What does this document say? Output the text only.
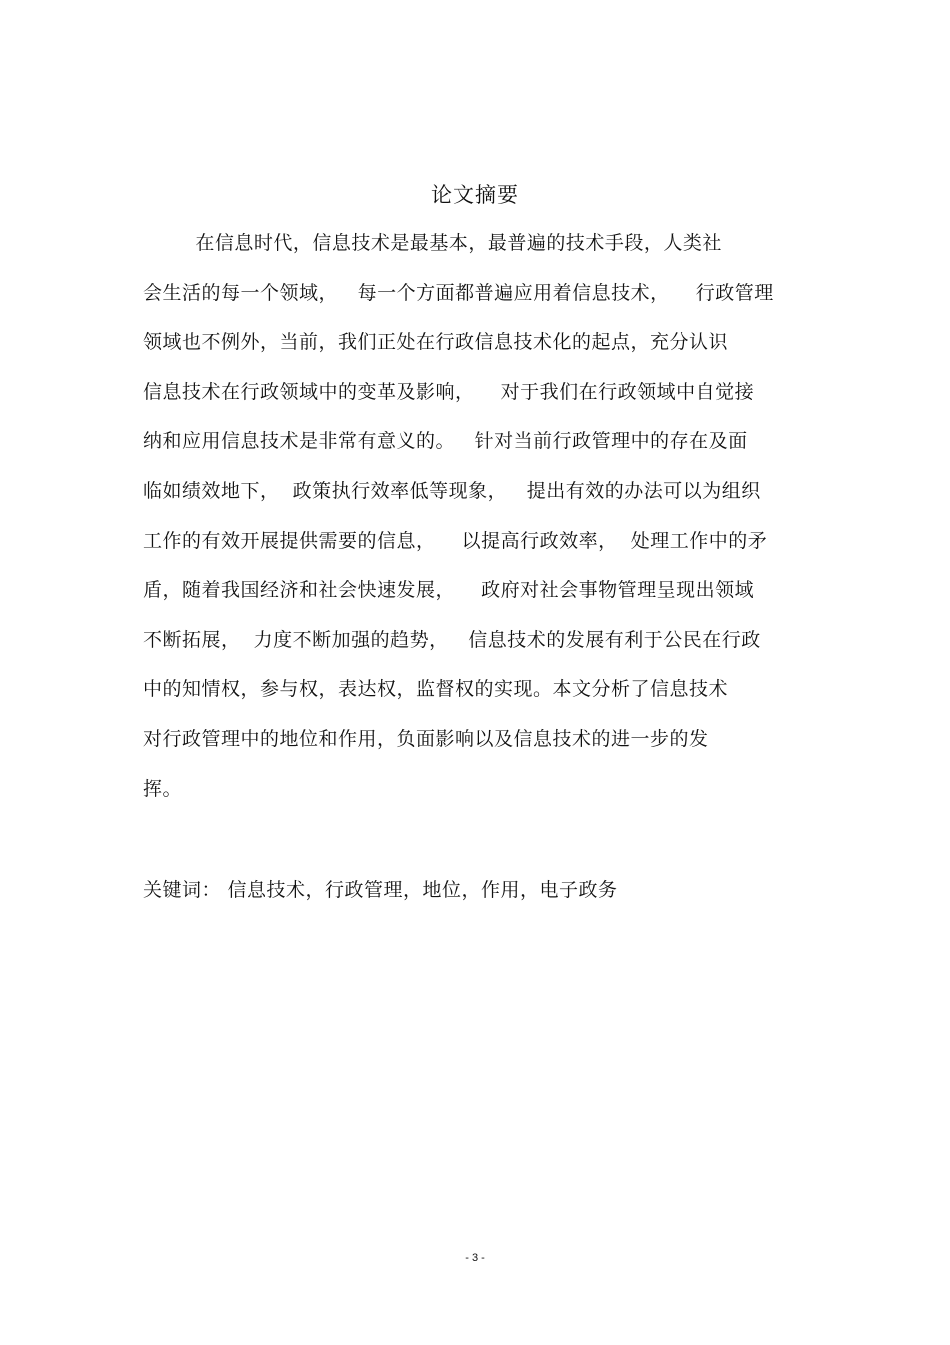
论文摘要
在信息时代，信息技术是最基本，最普遍的技术手段，人类社
会生活的每一个领域，   每一个方面都普遍应用着信息技术，    行政管理
领域也不例外，当前，我们正处在行政信息技术化的起点，充分认识
信息技术在行政领域中的变革及影响，    对于我们在行政领域中自觉接
纳和应用信息技术是非常有意义的。   针对当前行政管理中的存在及面
临如绩效地下，  政策执行效率低等现象，   提出有效的办法可以为组织
工作的有效开展提供需要的信息，    以提高行政效率，  处理工作中的矛
盾，随着我国经济和社会快速发展，    政府对社会事物管理呈现出领域
不断拓展，  力度不断加强的趋势，   信息技术的发展有利于公民在行政
中的知情权，参与权，表达权，监督权的实现。本文分析了信息技术
对行政管理中的地位和作用，负面影响以及信息技术的进一步的发
挥。
关键词： 信息技术，行政管理，地位，作用，电子政务
- 3 -
